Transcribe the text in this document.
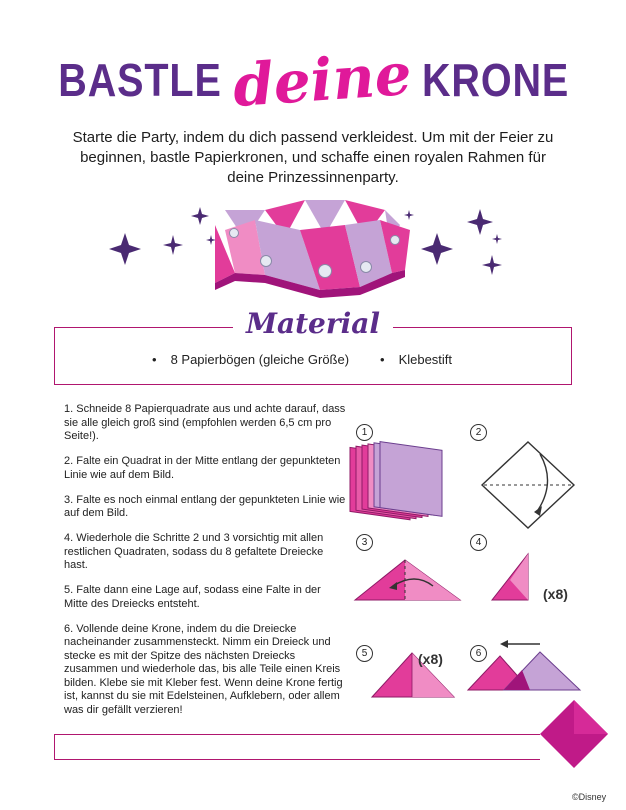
BASTLE deine KRONE
Starte die Party, indem du dich passend verkleidest. Um mit der Feier zu beginnen, bastle Papierkronen, und schaffe einen royalen Rahmen für deine Prinzessinnenparty.
Material
• 8 Papierbögen (gleiche Größe) • Klebestift

1. Schneide 8 Papierquadrate aus und achte darauf, dass sie alle gleich groß sind (empfohlen werden 6,5 cm pro Seite!).

2. Falte ein Quadrat in der Mitte entlang der gepunkteten Linie wie auf dem Bild.

3. Falte es noch einmal entlang der gepunkteten Linie wie auf dem Bild.

4. Wiederhole die Schritte 2 und 3 vorsichtig mit allen restlichen Quadraten, sodass du 8 gefaltete Dreiecke hast.

5. Falte dann eine Lage auf, sodass eine Falte in der Mitte des Dreiecks entsteht.

6. Vollende deine Krone, indem du die Dreiecke nacheinander zusammensteckt. Nimm ein Dreieck und stecke es mit der Spitze des nächsten Dreiecks zusammen und wiederhole das, bis alle Teile einen Kreis bilden. Klebe sie mit Kleber fest. Wenn deine Krone fertig ist, kannst du sie mit Edelsteinen, Aufklebern, oder allem was dir gefällt verzieren!

1	2
3	4
5	6
(x8)
(x8)
©Disney
